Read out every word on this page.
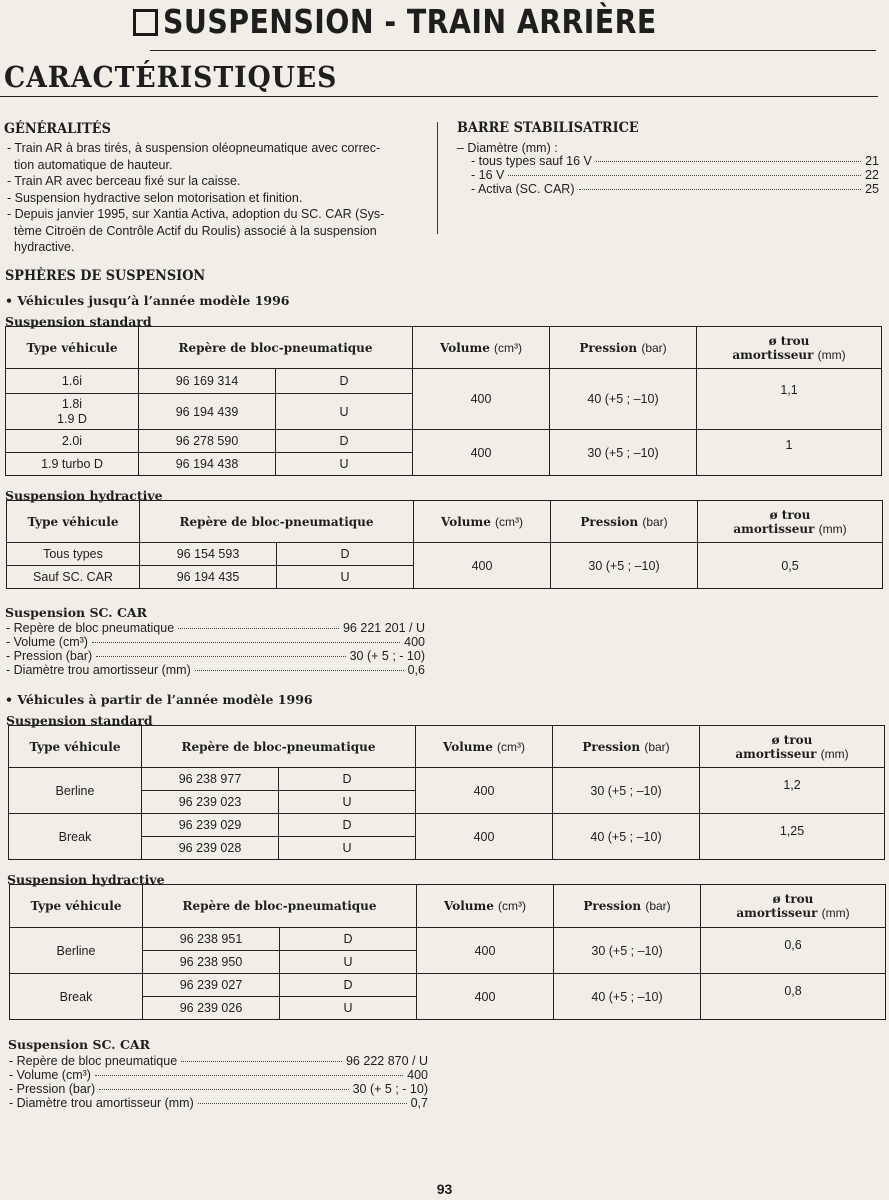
SUSPENSION - TRAIN ARRIÈRE
CARACTÉRISTIQUES
GÉNÉRALITÉS
- Train AR à bras tirés, à suspension oléopneumatique avec correc-
tion automatique de hauteur.
- Train AR avec berceau fixé sur la caisse.
- Suspension hydractive selon motorisation et finition.
- Depuis janvier 1995, sur Xantia Activa, adoption du SC. CAR (Sys-
tème Citroën de Contrôle Actif du Roulis) associé à la suspension
hydractive.
BARRE STABILISATRICE
– Diamètre (mm) :
- tous types sauf 16 V	21
- 16 V	22
- Activa (SC. CAR)	25
SPHÈRES DE SUSPENSION
• Véhicules jusqu’à l’année modèle 1996
Suspension standard
Type véhicule	Repère de bloc-pneumatique		Volume (cm³)	Pression (bar)	ø trou
amortisseur (mm)

1.6i	96 169 314	D	400	40 (+5 ; –10)	1,1

1.8i
1.9 D	96 194 439	U			
2.0i	96 278 590	D	400	30 (+5 ; –10)	1
1.9 turbo D	96 194 438	U			
Suspension hydractive
Type véhicule	Repère de bloc-pneumatique		Volume (cm³)	Pression (bar)	ø trou
amortisseur (mm)

Tous types	96 154 593	D	400	30 (+5 ; –10)	0,5
Sauf SC. CAR	96 194 435	U			
Suspension SC. CAR
- Repère de bloc pneumatique	96 221 201 / U
- Volume (cm³)	400
- Pression (bar)	30 (+ 5 ; - 10)
- Diamètre trou amortisseur (mm)	0,6
• Véhicules à partir de l’année modèle 1996
Suspension standard
Type véhicule	Repère de bloc-pneumatique		Volume (cm³)	Pression (bar)	ø trou
amortisseur (mm)

Berline	96 238 977	D	400	30 (+5 ; –10)	1,2
	96 239 023	U			
Break	96 239 029	D	400	40 (+5 ; –10)	1,25
	96 239 028	U			
Suspension hydractive
Type véhicule	Repère de bloc-pneumatique		Volume (cm³)	Pression (bar)	ø trou
amortisseur (mm)

Berline	96 238 951	D	400	30 (+5 ; –10)	0,6
	96 238 950	U			
Break	96 239 027	D	400	40 (+5 ; –10)	0,8
	96 239 026	U			
Suspension SC. CAR
- Repère de bloc pneumatique	96 222 870 / U
- Volume (cm³)	400
- Pression (bar)	30 (+ 5 ; - 10)
- Diamètre trou amortisseur (mm)	0,7
93
